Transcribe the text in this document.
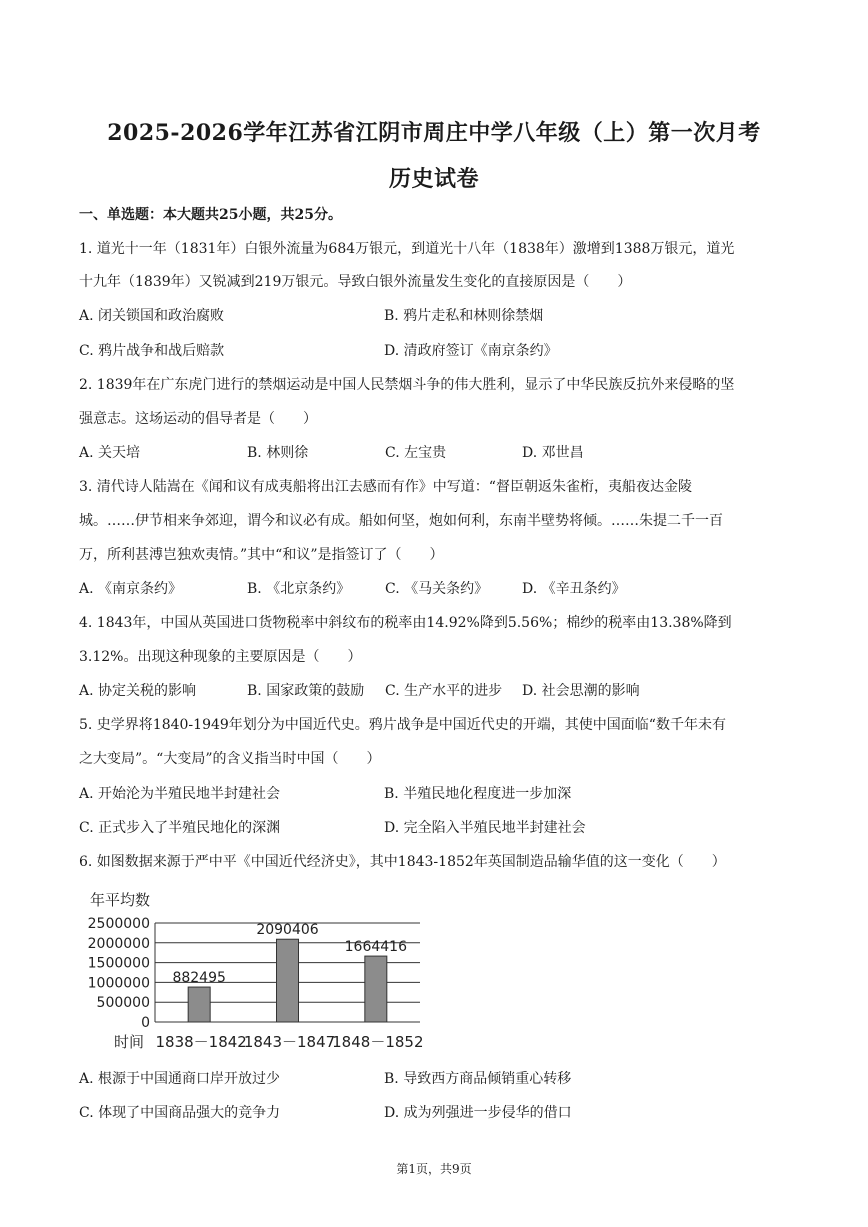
2025-2026学年江苏省江阴市周庄中学八年级（上）第一次月考
历史试卷
一、单选题：本大题共25小题，共25分。
1. 道光十一年（1831年）白银外流量为684万银元，到道光十八年（1838年）激增到1388万银元，道光
十九年（1839年）又锐减到219万银元。导致白银外流量发生变化的直接原因是（　　）
A. 闭关锁国和政治腐败	B. 鸦片走私和林则徐禁烟
C. 鸦片战争和战后赔款	D. 清政府签订《南京条约》
2. 1839年在广东虎门进行的禁烟运动是中国人民禁烟斗争的伟大胜利，显示了中华民族反抗外来侵略的坚
强意志。这场运动的倡导者是（　　）
A. 关天培	B. 林则徐	C. 左宝贵	D. 邓世昌
3. 清代诗人陆嵩在《闻和议有成夷船将出江去感而有作》中写道：“督臣朝返朱雀桁，夷船夜达金陵
城。……伊节相来争郊迎，谓今和议必有成。船如何坚，炮如何利，东南半壁势将倾。……朱提二千一百
万，所利甚溥岂独欢夷情。”其中“和议”是指签订了（　　）
A. 《南京条约》	B. 《北京条约》 C. 《马关条约》 D. 《辛丑条约》
4. 1843年，中国从英国进口货物税率中斜纹布的税率由14.92%降到5.56%；棉纱的税率由13.38%降到
3.12%。出现这种现象的主要原因是（　　）
A. 协定关税的影响	B. 国家政策的鼓励 C. 生产水平的进步 D. 社会思潮的影响
5. 史学界将1840-1949年划分为中国近代史。鸦片战争是中国近代史的开端，其使中国面临“数千年未有
之大变局”。“大变局”的含义指当时中国（　　）
A. 开始沦为半殖民地半封建社会	B. 半殖民地化程度进一步加深
C. 正式步入了半殖民地化的深渊	D. 完全陷入半殖民地半封建社会
6. 如图数据来源于严中平《中国近代经济史》，其中1843-1852年英国制造品输华值的这一变化（　　）
年平均数
2500000
2000000
1500000
1000000
500000
0
882495
2090406
1664416
时间 1838－1842
1843－1847
1848－1852
A. 根源于中国通商口岸开放过少	B. 导致西方商品倾销重心转移
C. 体现了中国商品强大的竞争力	D. 成为列强进一步侵华的借口
第1页，共9页
